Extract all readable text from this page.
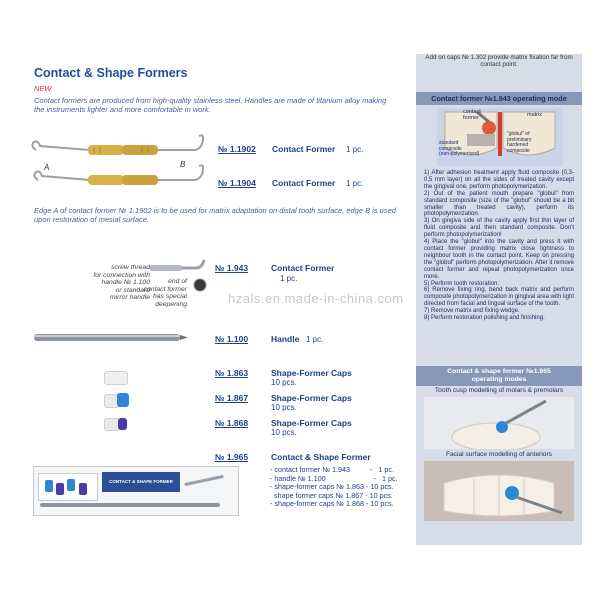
Contact & Shape Formers
NEW
Contact formers are produced from high-quality stainless steel. Handles are made of titanium alloy making the instruments lighter and more comfortable in work.
A	B
№ 1.1902 Contact Former 1 pc.
№ 1.1904 Contact Former 1 pc.
Edge A of contact former № 1.1902 is to be used for matrix adaptation on distal tooth surface, edge B is used upon restoration of mesial surface.
screw thread
for connection with
handle № 1.100
or standard
mirror handle
end of
contact former
has special
deepening
№ 1.943	Contact Former
1 pc.
hzals.en.made-in-china.com
№ 1.100	Handle 1 pc.
№ 1.863	Shape-Former Caps
10 pcs.
№ 1.867	Shape-Former Caps
10 pcs.
№ 1.868	Shape-Former Caps
10 pcs.
№ 1.965	Contact & Shape Former
- contact former № 1.943          -   1 pc.
- handle № 1.100                        -   1 pc.
- shape-former caps № 1.863 - 10 pcs.
shape former caps № 1.867 - 10 pcs.
- shape-former caps № 1.868 - 10 pcs.
CONTACT & SHAPE FORMER
Add on caps № 1.302 provide matrix fixation far from contact point.
Contact former №1.943 operating mode
contact
former	matrix
"globul" of
preliminary
hardened
composite
standard
composite
(non-polymerised)
1) After adhesion treatment apply fluid composite (0,3-0,5 mm layer) on all the sides of treated cavity except the gingival one, perform photopolymerization.
2) Out of the patient mouth prepare "globul" from standard composite (size of the "globul" should be a bit smaller than treated cavity), perform its photopolymerization.
3) On gingiva side of the cavity apply first thin layer of fluid composite and then standard composite. Don't perform photopolymerization!
4) Place the "globul" into the cavity and press it with contact former providing matrix close tightness to neighbour tooth in the contact point. Keep on pressing the "globul" perform photopolymerization. After it remove contact former and repeat photopolymerization once more.
5) Perform tooth restoration.
6) Remove fixing ring, bend back matrix and perform composite photopolymerization in gingival area with light directed from facial and lingual surface of the tooth.
7) Remove matrix and fixing wedge.
8) Perform restoration polishing and finishing.
Contact & shape former №1.965
operating modes
Tooth cusp modelling of molars & premolars
Facial surface modelling of anteriors
